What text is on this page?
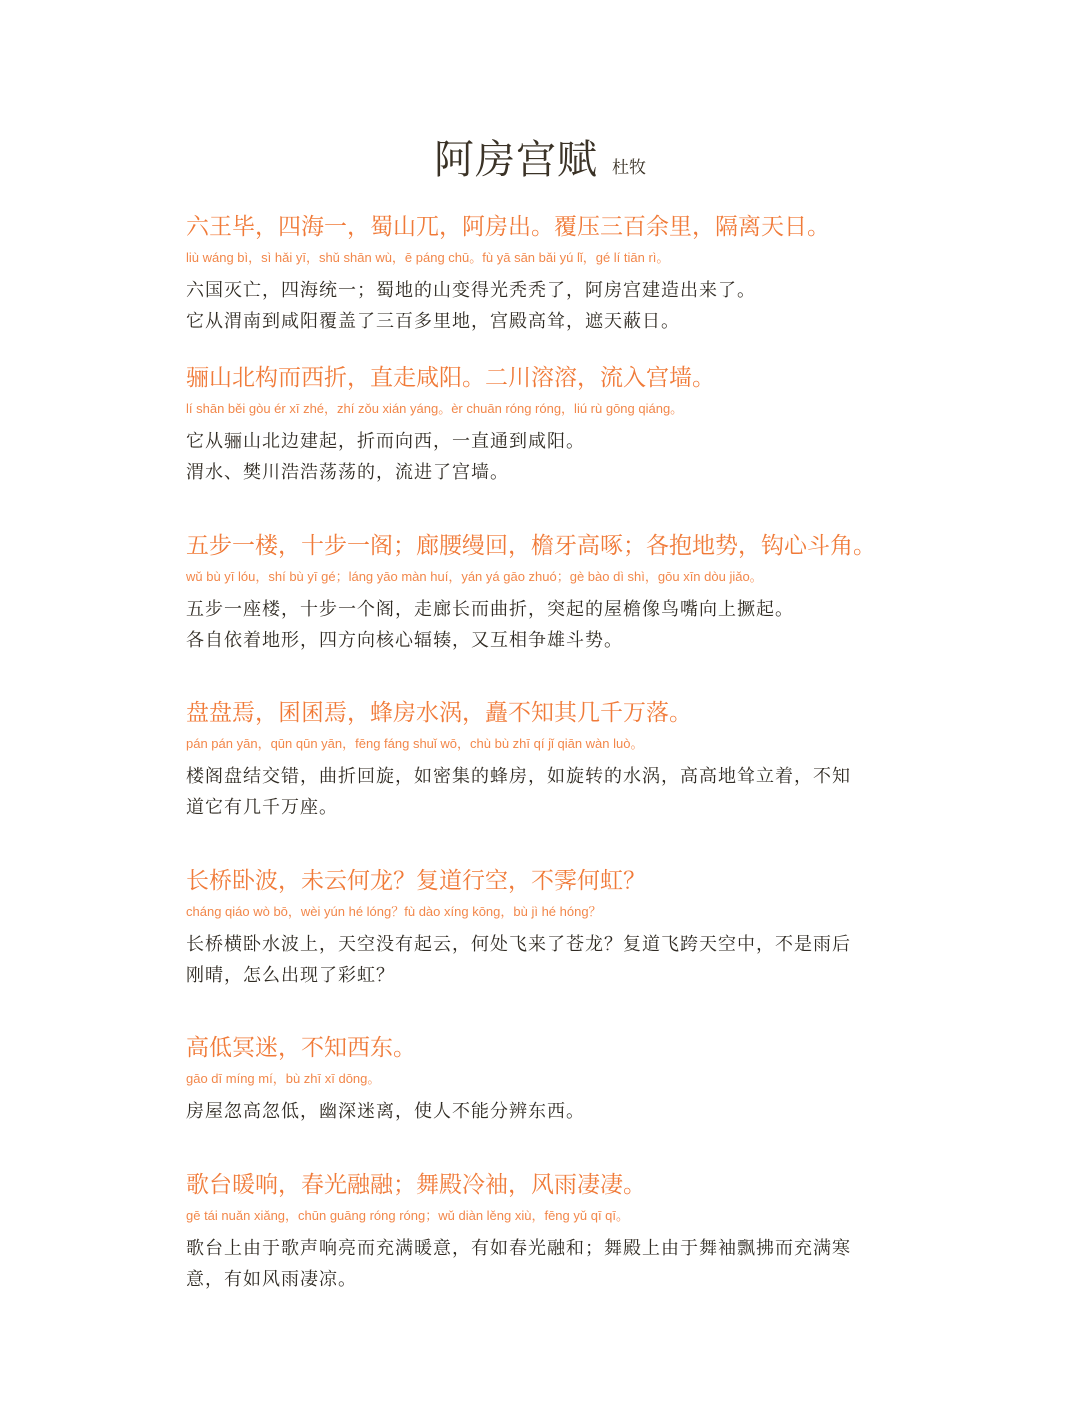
阿房宫赋 杜牧
六王毕，四海一，蜀山兀，阿房出。覆压三百余里，隔离天日。
liù wáng bì，sì hǎi yī，shǔ shān wù，ē páng chū。fù yā sān bǎi yú lǐ，gé lí tiān rì。
六国灭亡，四海统一；蜀地的山变得光秃秃了，阿房宫建造出来了。
它从渭南到咸阳覆盖了三百多里地，宫殿高耸，遮天蔽日。
骊山北构而西折，直走咸阳。二川溶溶，流入宫墙。
lí shān běi gòu ér xī zhé，zhí zǒu xián yáng。èr chuān róng róng，liú rù gōng qiáng。
它从骊山北边建起，折而向西，一直通到咸阳。
渭水、樊川浩浩荡荡的，流进了宫墙。
五步一楼，十步一阁；廊腰缦回，檐牙高啄；各抱地势，钩心斗角。
wǔ bù yī lóu，shí bù yī gé；láng yāo màn huí，yán yá gāo zhuó；gè bào dì shì，gōu xīn dòu jiǎo。
五步一座楼，十步一个阁，走廊长而曲折，突起的屋檐像鸟嘴向上撅起。
各自依着地形，四方向核心辐辏，又互相争雄斗势。
盘盘焉，囷囷焉，蜂房水涡，矗不知其几千万落。
pán pán yān，qūn qūn yān，fēng fáng shuǐ wō，chù bù zhī qí jǐ qiān wàn luò。
楼阁盘结交错，曲折回旋，如密集的蜂房，如旋转的水涡，高高地耸立着，不知
道它有几千万座。
长桥卧波，未云何龙？复道行空，不霁何虹？
cháng qiáo wò bō，wèi yún hé lóng？fù dào xíng kōng，bù jì hé hóng？
长桥横卧水波上，天空没有起云，何处飞来了苍龙？复道飞跨天空中，不是雨后
刚晴，怎么出现了彩虹？
高低冥迷，不知西东。
gāo dī míng mí，bù zhī xī dōng。
房屋忽高忽低，幽深迷离，使人不能分辨东西。
歌台暖响，春光融融；舞殿冷袖，风雨凄凄。
gē tái nuǎn xiǎng，chūn guāng róng róng；wǔ diàn lěng xiù，fēng yǔ qī qī。
歌台上由于歌声响亮而充满暖意，有如春光融和；舞殿上由于舞袖飘拂而充满寒
意，有如风雨凄凉。
